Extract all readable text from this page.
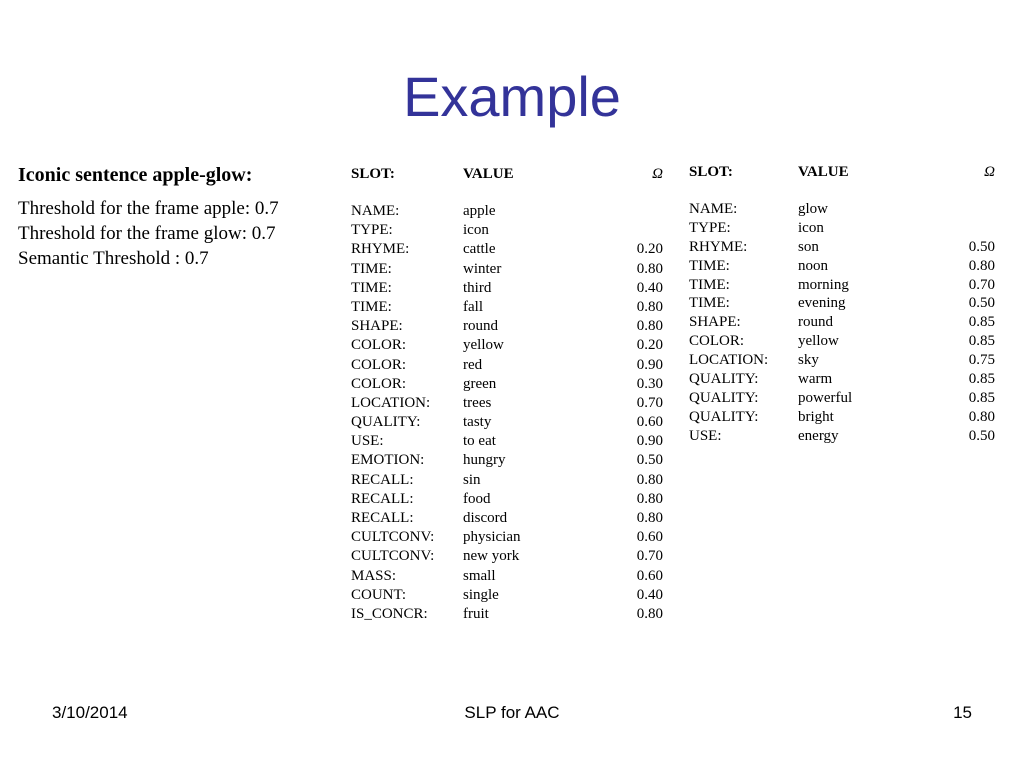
Example
Iconic sentence apple-glow:
Threshold for the frame apple: 0.7
Threshold for the frame glow: 0.7
Semantic Threshold : 0.7
SLOT:	VALUE	Ω
NAME:	apple
TYPE:	icon
RHYME:	cattle	0.20
TIME:	winter	0.80
TIME:	third	0.40
TIME:	fall	0.80
SHAPE:	round	0.80
COLOR:	yellow	0.20
COLOR:	red	0.90
COLOR:	green	0.30
LOCATION: trees	0.70
QUALITY:	tasty	0.60
USE:	to eat	0.90
EMOTION:	hungry	0.50
RECALL:	sin	0.80
RECALL:	food	0.80
RECALL:	discord	0.80
CULTCONV: physician	0.60
CULTCONV: new york	0.70
MASS:	small	0.60
COUNT:	single	0.40
IS_CONCR: fruit	0.80
SLOT:	VALUE	Ω
NAME:	glow
TYPE:	icon
RHYME:	son	0.50
TIME:	noon	0.80
TIME:	morning	0.70
TIME:	evening	0.50
SHAPE:	round	0.85
COLOR:	yellow	0.85
LOCATION: sky	0.75
QUALITY:	warm	0.85
QUALITY:	powerful	0.85
QUALITY:	bright	0.80
USE:	energy	0.50
3/10/2014	SLP for AAC	15
